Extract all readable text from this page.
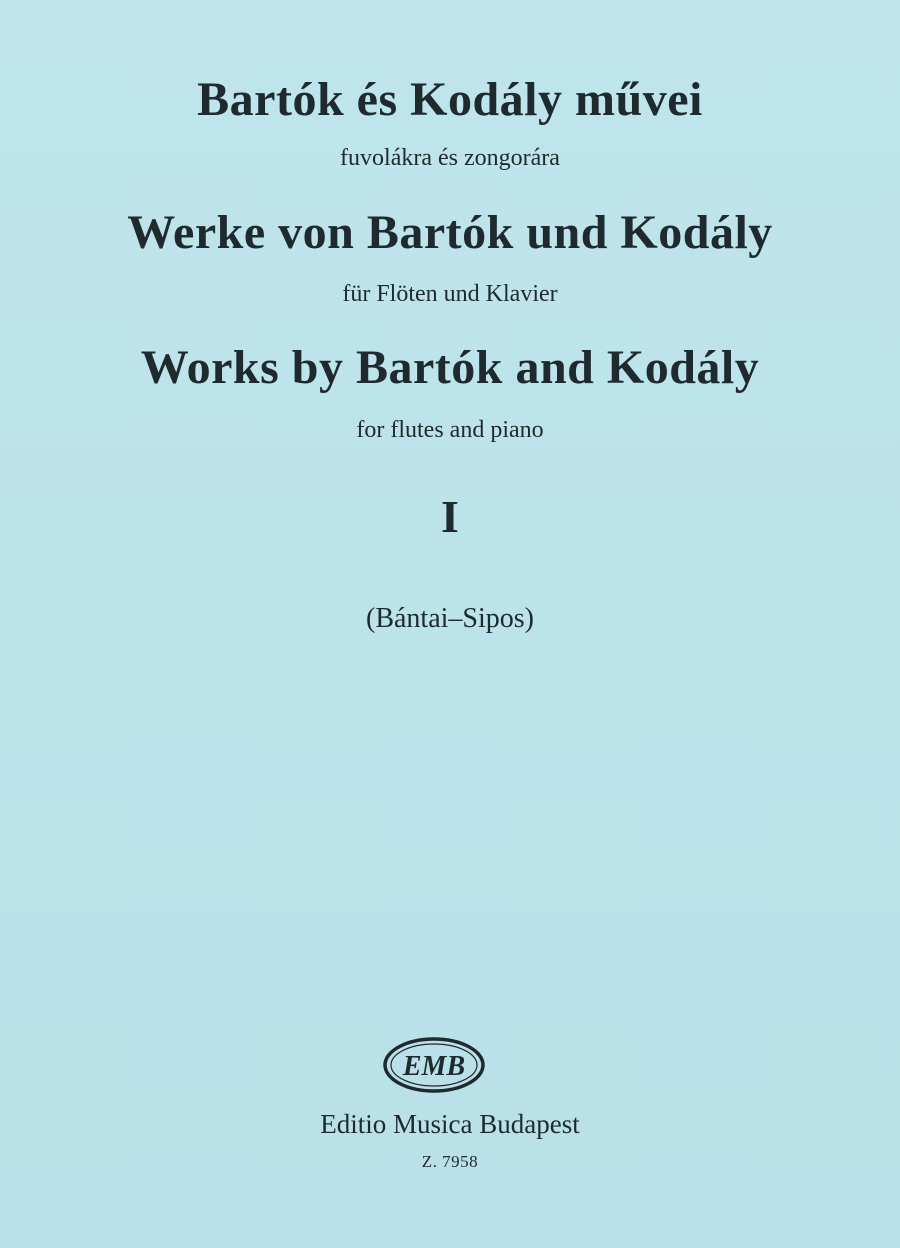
Bartók és Kodály művei
fuvolákra és zongorára
Werke von Bartók und Kodály
für Flöten und Klavier
Works by Bartók and Kodály
for flutes and piano
I
(Bántai–Sipos)
EMB
Editio Musica Budapest
Z. 7958
